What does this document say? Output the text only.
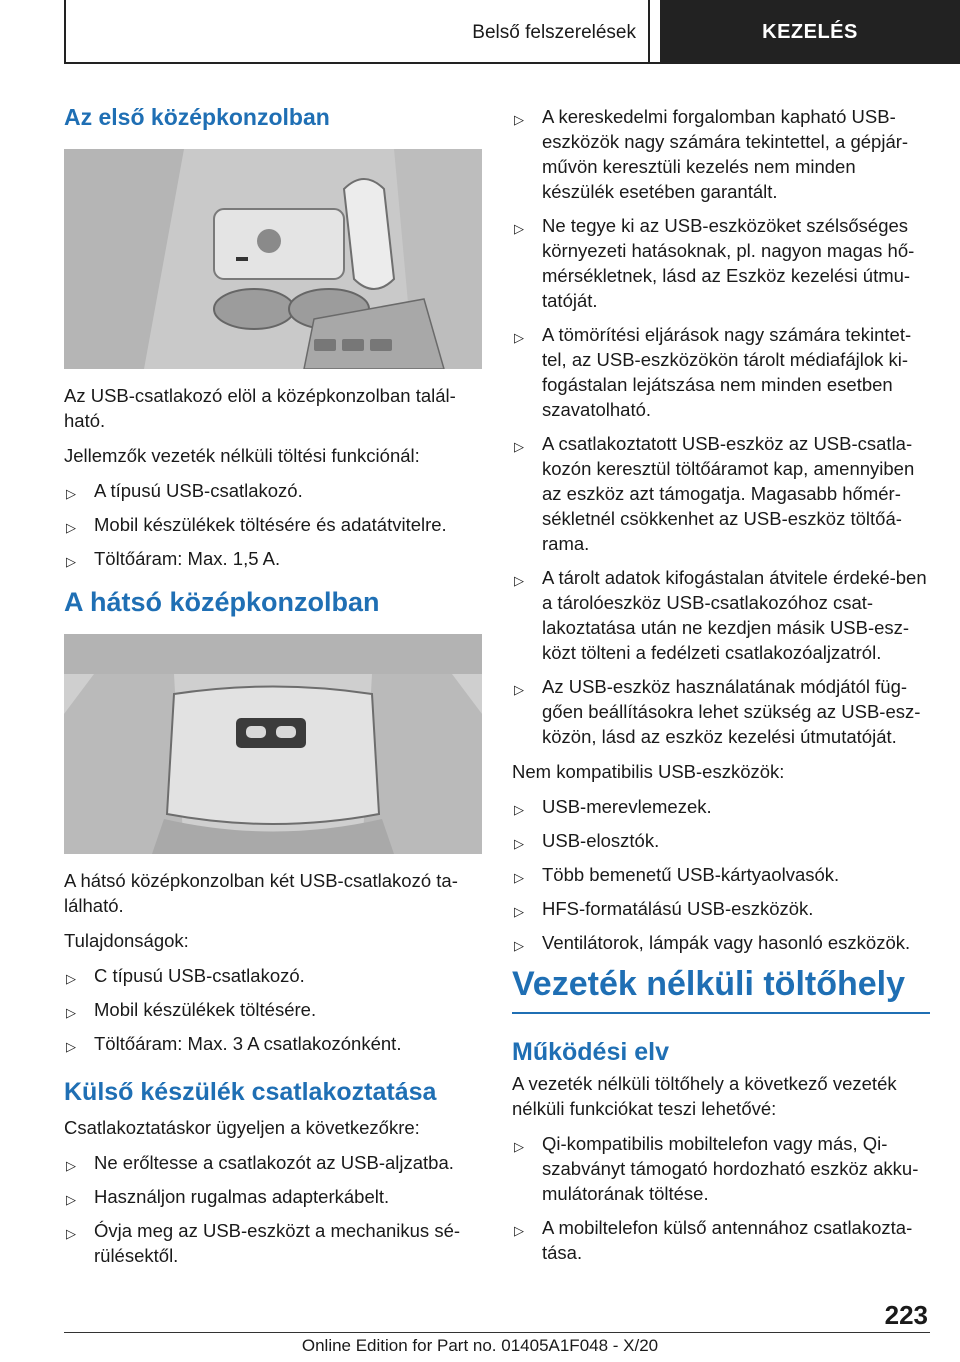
Belső felszerelések	KEZELÉS
Az első középkonzolban

Az USB-csatlakozó elöl a középkonzolban talál-ható.

Jellemzők vezeték nélküli töltési funkciónál:

▷ A típusú USB-csatlakozó.
▷ Mobil készülékek töltésére és adatátvitelre.
▷ Töltőáram: Max. 1,5 A.
A hátsó középkonzolban

A hátsó középkonzolban két USB-csatlakozó ta-lálható.

Tulajdonságok:

▷ C típusú USB-csatlakozó.
▷ Mobil készülékek töltésére.
▷ Töltőáram: Max. 3 A csatlakozónként.
Külső készülék csatlakoztatása

Csatlakoztatáskor ügyeljen a következőkre:

▷ Ne erőltesse a csatlakozót az USB-aljzatba.
▷ Használjon rugalmas adapterkábelt.
▷ Óvja meg az USB-eszközt a mechanikus sé-rülésektől.
▷ A kereskedelmi forgalomban kapható USB-eszközök nagy számára tekintettel, a gépjár-művön keresztüli kezelés nem minden készülék esetében garantált.
▷ Ne tegye ki az USB-eszközöket szélsőséges környezeti hatásoknak, pl. nagyon magas hő-mérsékletnek, lásd az Eszköz kezelési útmu-tatóját.
▷ A tömörítési eljárások nagy számára tekintet-tel, az USB-eszközökön tárolt médiafájlok ki-fogástalan lejátszása nem minden esetben szavatolható.
▷ A csatlakoztatott USB-eszköz az USB-csatla-kozón keresztül töltőáramot kap, amennyiben az eszköz azt támogatja. Magasabb hőmér-sékletnél csökkenhet az USB-eszköz töltőá-rama.
▷ A tárolt adatok kifogástalan átvitele érdeké-ben a tárolóeszköz USB-csatlakozóhoz csat-lakoztatása után ne kezdjen másik USB-esz-közt tölteni a fedélzeti csatlakozóaljzatról.
▷ Az USB-eszköz használatának módjától füg-gően beállításokra lehet szükség az USB-esz-közön, lásd az eszköz kezelési útmutatóját.

Nem kompatibilis USB-eszközök:

▷ USB-merevlemezek.
▷ USB-elosztók.
▷ Több bemenetű USB-kártyaolvasók.
▷ HFS-formatálású USB-eszközök.
▷ Ventilátorok, lámpák vagy hasonló eszközök.
Vezeték nélküli töltőhely
Működési elv

A vezeték nélküli töltőhely a következő vezeték nélküli funkciókat teszi lehetővé:

▷ Qi-kompatibilis mobiltelefon vagy más, Qi-szabványt támogató hordozható eszköz akku-mulátorának töltése.
▷ A mobiltelefon külső antennához csatlakozta-tása.
223
Online Edition for Part no. 01405A1F048 - X/20
